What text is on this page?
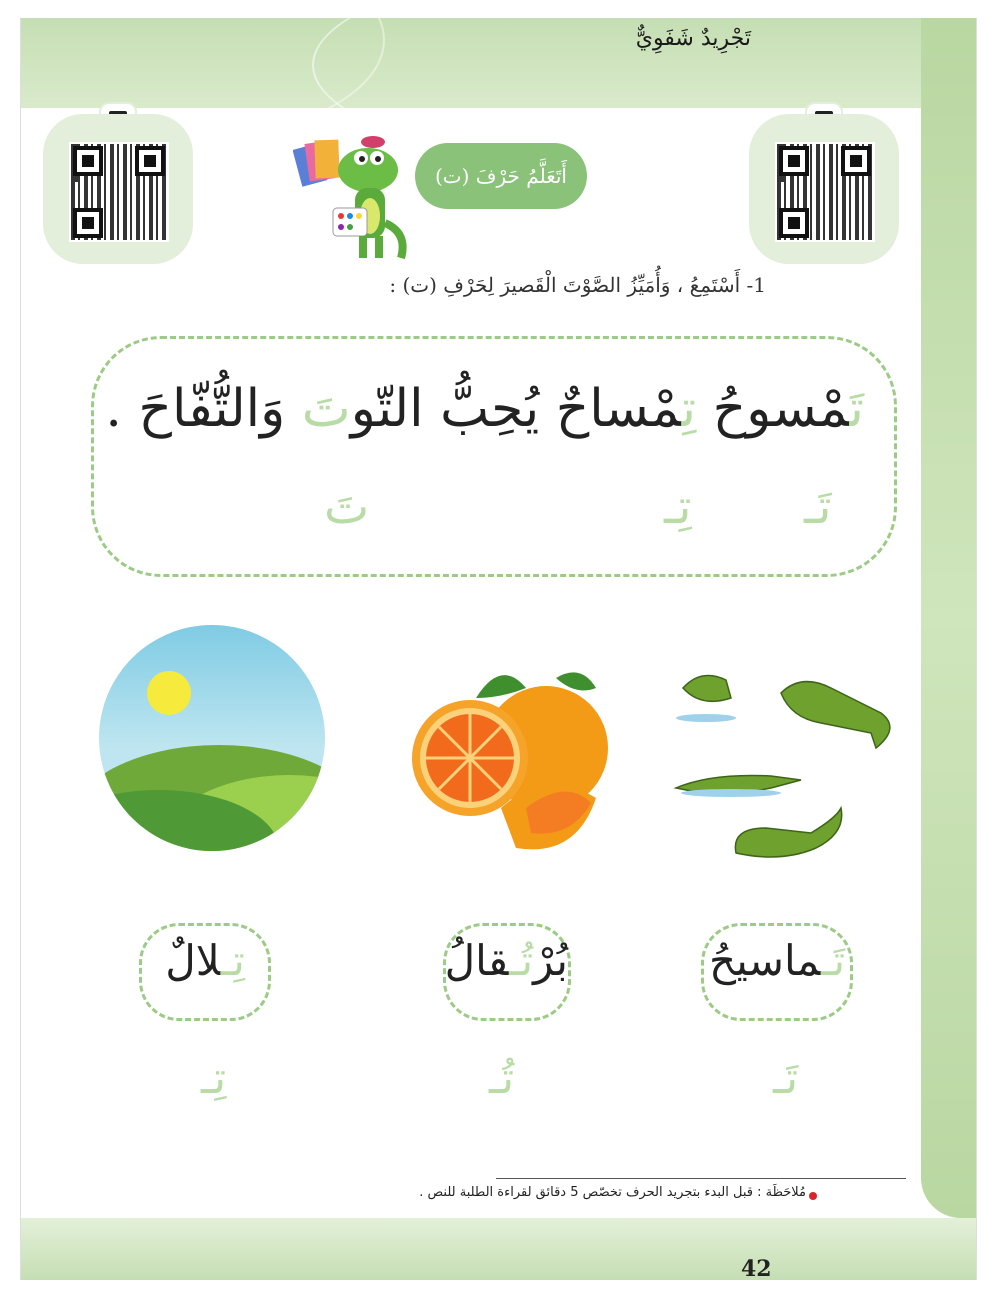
تَجْرِيدٌ شَفَوِيٌّ
أَتَعَلَّمُ حَرْفَ (ت)
1- أَسْتَمِعُ ، وَأُمَيِّزُ الصَّوْتَ الْقَصيرَ لِحَرْفِ (ت) :
تَمْسوحُ تِمْساحٌ يُحِبُّ التّوتَ وَالتُّفّاحَ .
تَـ
تِـ
تَ
تَـماسيحُ
بُرْتُـقالُ
تِـلالٌ
تَـ
تُـ
تِـ
مُلاحَظَة : قبل البدء بتجريد الحرف تخصّص 5 دقائق لقراءة الطلبة للنص .
42
